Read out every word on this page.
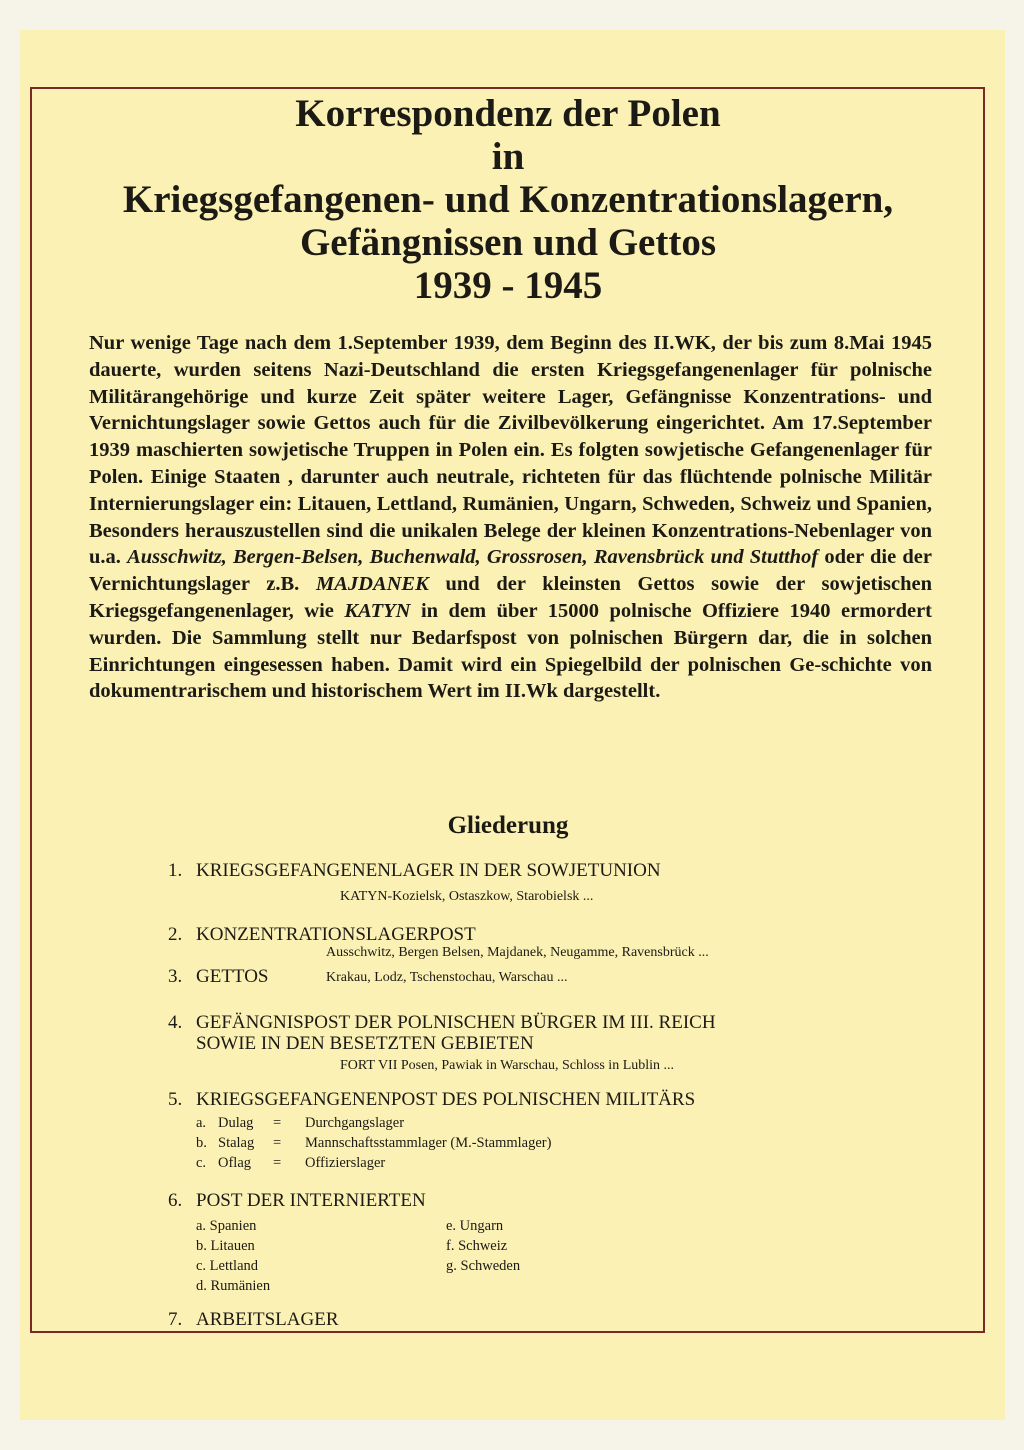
Korrespondenz der Polen
in
Kriegsgefangenen- und Konzentrationslagern,
Gefängnissen und Gettos
1939 - 1945
Nur wenige Tage nach dem 1.September 1939, dem Beginn des II.WK, der bis zum 8.Mai 1945 dauerte, wurden seitens Nazi-Deutschland die ersten Kriegsgefangenenlager für polnische Militärangehörige und kurze Zeit später weitere Lager, Gefängnisse Konzentrations- und Vernichtungslager sowie Gettos auch für die Zivilbevölkerung eingerichtet. Am 17.September 1939 maschierten sowjetische Truppen in Polen ein. Es folgten sowjetische Gefangenenlager für Polen. Einige Staaten , darunter auch neutrale, richteten für das flüchtende polnische Militär Internierungslager ein: Litauen, Lettland, Rumänien, Ungarn, Schweden, Schweiz und Spanien, Besonders herauszustellen sind die unikalen Belege der kleinen Konzentrations-Nebenlager von u.a. Ausschwitz, Bergen-Belsen, Buchenwald, Grossrosen, Ravensbrück und Stutthof oder die der Vernichtungslager z.B. MAJDANEK und der kleinsten Gettos sowie der sowjetischen Kriegsgefangenenlager, wie KATYN in dem über 15000 polnische Offiziere 1940 ermordert wurden. Die Sammlung stellt nur Bedarfspost von polnischen Bürgern dar, die in solchen Einrichtungen eingesessen haben. Damit wird ein Spiegelbild der polnischen Ge-schichte von dokumentrarischem und historischem Wert im II.Wk dargestellt.
Gliederung
1. KRIEGSGEFANGENENLAGER IN DER SOWJETUNION
KATYN-Kozielsk, Ostaszkow, Starobielsk ...
2. KONZENTRATIONSLAGERPOST
Ausschwitz, Bergen Belsen, Majdanek, Neugamme, Ravensbrück ...
3. GETTOS	Krakau, Lodz, Tschenstochau, Warschau ...
4. GEFÄNGNISPOST DER POLNISCHEN BÜRGER IM III. REICH
SOWIE IN DEN BESETZTEN GEBIETEN
FORT VII Posen, Pawiak in Warschau, Schloss in Lublin ...
5. KRIEGSGEFANGENENPOST DES POLNISCHEN MILITÄRS
a. Dulag = Durchgangslager
b. Stalag = Mannschaftsstammlager (M.-Stammlager)
c. Oflag = Offizierslager
6. POST DER INTERNIERTEN
a. Spanien	e. Ungarn
b. Litauen	f. Schweiz
c. Lettland	g. Schweden
d. Rumänien
7. ARBEITSLAGER
